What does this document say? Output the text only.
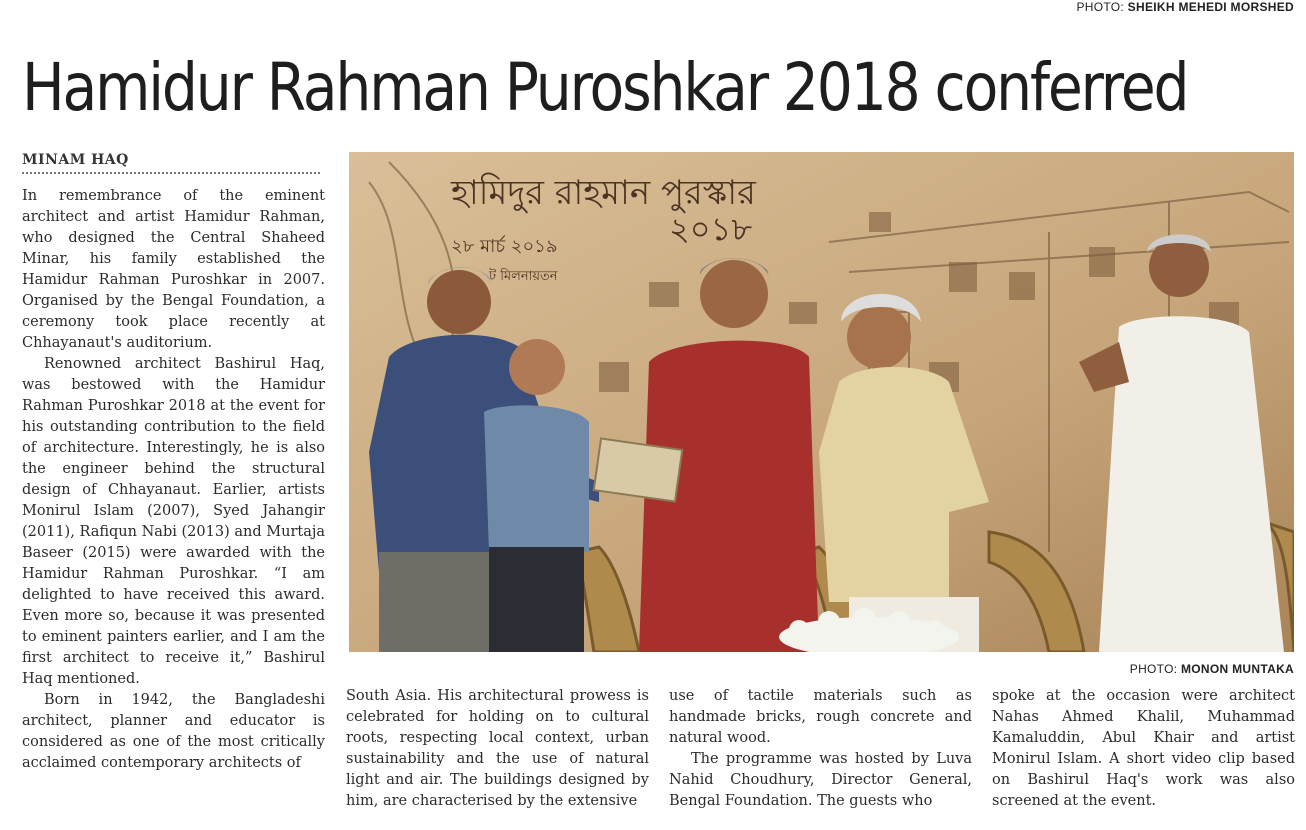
PHOTO: SHEIKH MEHEDI MORSHED
Hamidur Rahman Puroshkar 2018 conferred
MINAM HAQ
হামিদুর রাহমান পুরস্কার
২০১৮
২৮ মার্চ ২০১৯
ট মিলনায়তন
PHOTO: MONON MUNTAKA

In remembrance of the eminent architect and artist Hamidur Rahman, who designed the Central Shaheed Minar, his family established the Hamidur Rahman Puroshkar in 2007. Organised by the Bengal Foundation, a ceremony took place recently at Chhayanaut's auditorium.

Renowned architect Bashirul Haq, was bestowed with the Hamidur Rahman Puroshkar 2018 at the event for his outstanding contribution to the field of architecture. Interestingly, he is also the engineer behind the structural design of Chhayanaut. Earlier, artists Monirul Islam (2007), Syed Jahangir (2011), Rafiqun Nabi (2013) and Murtaja Baseer (2015) were awarded with the Hamidur Rahman Puroshkar. “I am delighted to have received this award. Even more so, because it was presented to eminent painters earlier, and I am the first architect to receive it,” Bashirul Haq mentioned.

Born in 1942, the Bangladeshi architect, planner and educator is considered as one of the most critically acclaimed contemporary architects of

South Asia. His architectural prowess is celebrated for holding on to cultural roots, respecting local context, urban sustainability and the use of natural light and air. The buildings designed by him, are characterised by the extensive

use of tactile materials such as handmade bricks, rough concrete and natural wood.

The programme was hosted by Luva Nahid Choudhury, Director General, Bengal Foundation. The guests who

spoke at the occasion were architect Nahas Ahmed Khalil, Muhammad Kamaluddin, Abul Khair and artist Monirul Islam. A short video clip based on Bashirul Haq's work was also screened at the event.
